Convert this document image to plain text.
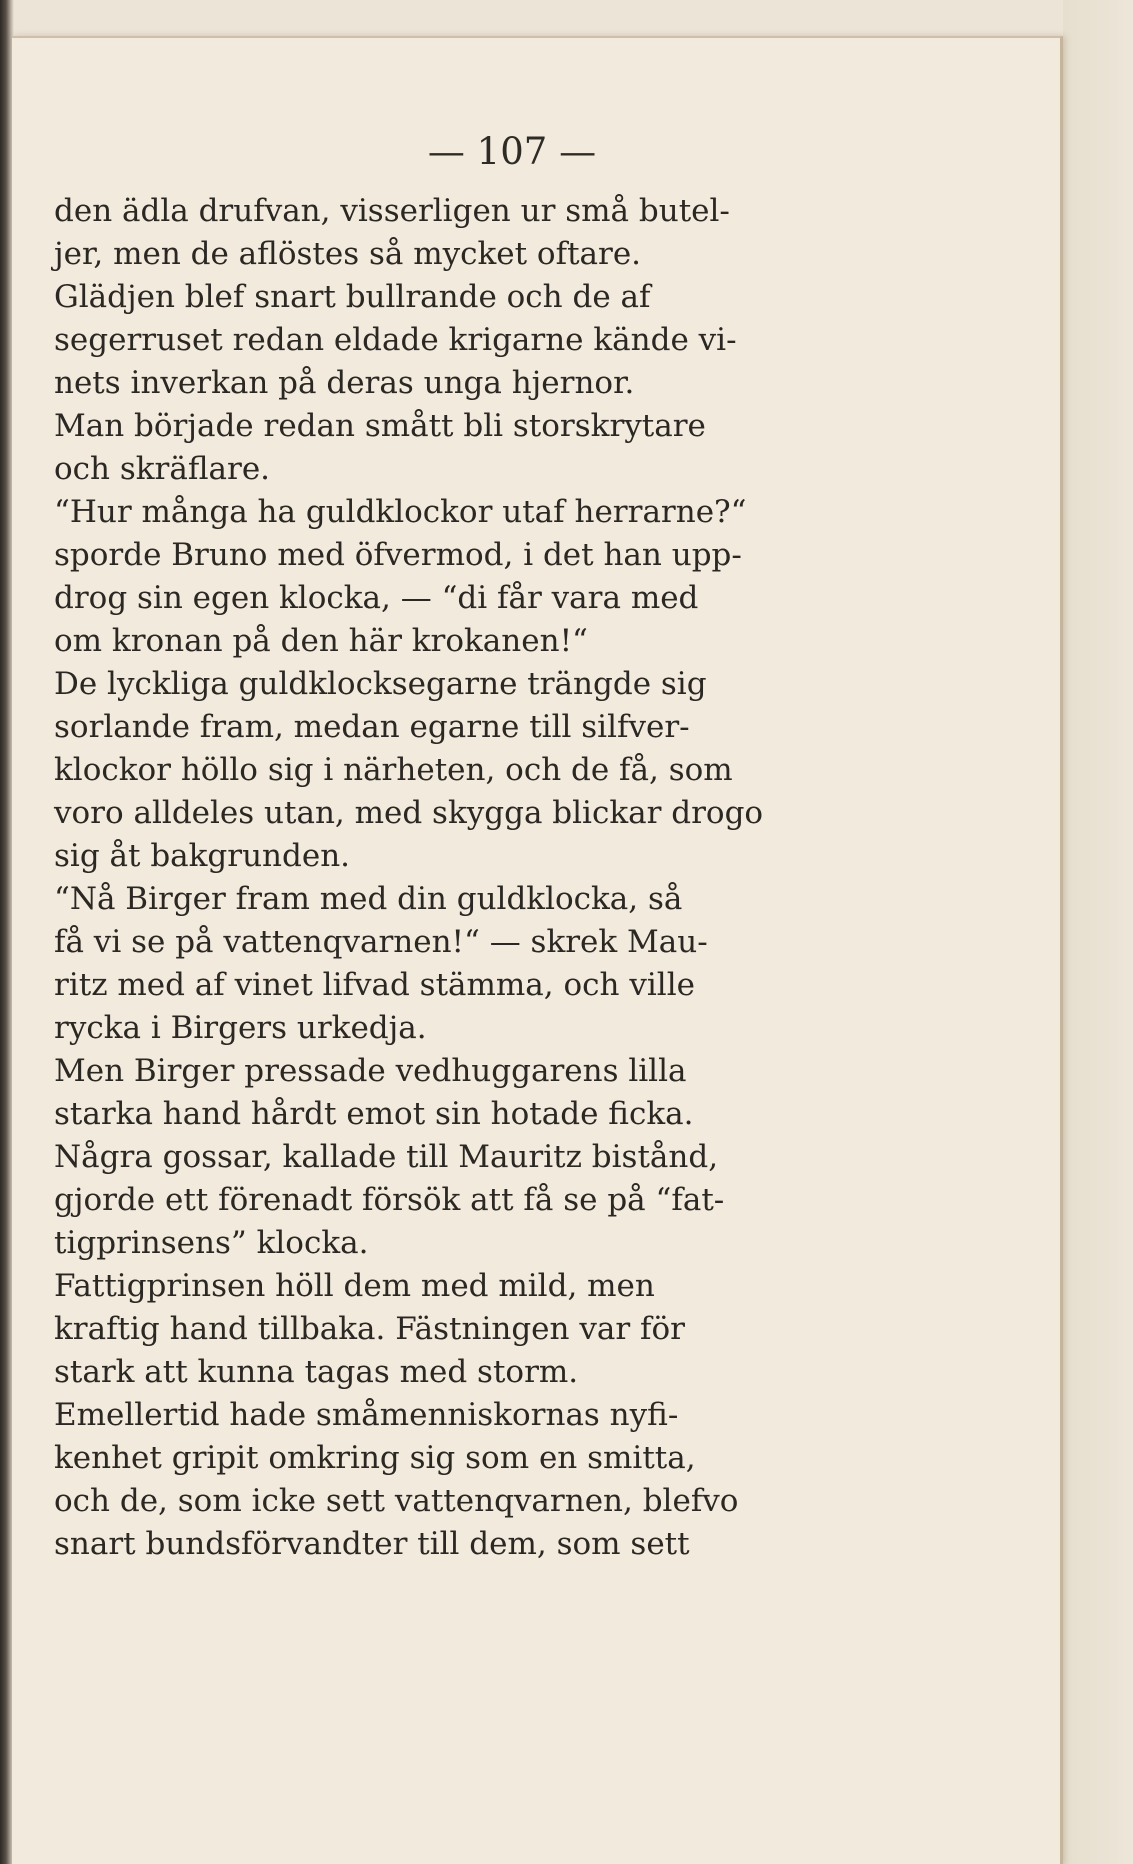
— 107 —
den ädla drufvan, visserligen ur små butel-
jer, men de aflöstes så mycket oftare.
Glädjen blef snart bullrande och de af
segerruset redan eldade krigarne kände vi-
nets inverkan på deras unga hjernor.
Man började redan smått bli storskrytare
och skräflare.
“Hur många ha guldklockor utaf herrarne?“
sporde Bruno med öfvermod, i det han upp-
drog sin egen klocka, — “di får vara med
om kronan på den här krokanen!“
De lyckliga guldklocksegarne trängde sig
sorlande fram, medan egarne till silfver-
klockor höllo sig i närheten, och de få, som
voro alldeles utan, med skygga blickar drogo
sig åt bakgrunden.
“Nå Birger fram med din guldklocka, så
få vi se på vattenqvarnen!“ — skrek Mau-
ritz med af vinet lifvad stämma, och ville
rycka i Birgers urkedja.
Men Birger pressade vedhuggarens lilla
starka hand hårdt emot sin hotade ficka.
Några gossar, kallade till Mauritz bistånd,
gjorde ett förenadt försök att få se på “fat-
tigprinsens” klocka.
Fattigprinsen höll dem med mild, men
kraftig hand tillbaka. Fästningen var för
stark att kunna tagas med storm.
Emellertid hade småmenniskornas nyfi-
kenhet gripit omkring sig som en smitta,
och de, som icke sett vattenqvarnen, blefvo
snart bundsförvandter till dem, som sett
